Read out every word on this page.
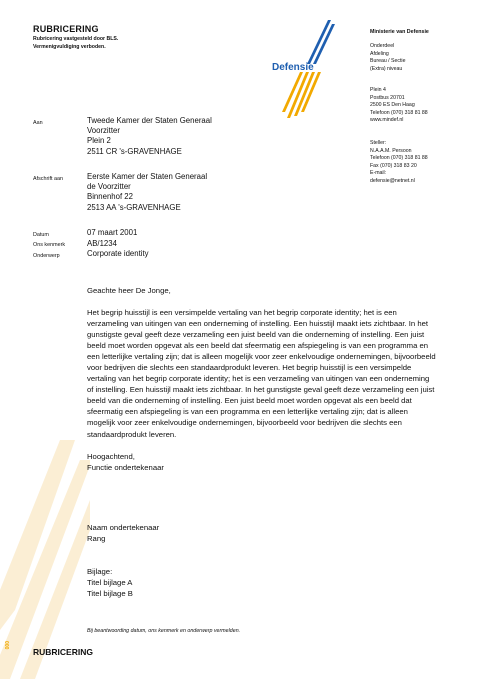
RUBRICERING
Rubricering vastgesteld door BLS.
Vermenigvuldiging verboden.
Defensie
Ministerie van Defensie
Onderdeel
Afdeling
Bureau / Sectie
(Extra) niveau
Plein 4
Postbus 20701
2500 ES Den Haag
Telefoon (070) 318 81 88
www.mindef.nl
Steller:
N.A.A.M. Persoon
Telefoon (070) 318 81 88
Fax (070) 318 83 20
E-mail:
defensie@netnet.nl
Aan	Tweede Kamer der Staten Generaal
Voorzitter
Plein 2
2511 CR 's-GRAVENHAGE
Afschrift aan	Eerste Kamer der Staten Generaal
de Voorzitter
Binnenhof 22
2513 AA 's-GRAVENHAGE
Datum	07 maart 2001
Ons kenmerk	AB/1234
Onderwerp	Corporate identity
Geachte heer De Jonge,
Het begrip huisstijl is een versimpelde vertaling van het begrip corporate identity; het is een
verzameling van uitingen van een onderneming of instelling. Een huisstijl maakt iets zichtbaar. In het
gunstigste geval geeft deze verzameling een juist beeld van die onderneming of instelling. Een juist
beeld moet worden opgevat als een beeld dat sfeermatig een afspiegeling is van een programma en
een letterlijke vertaling zijn; dat is alleen mogelijk voor zeer enkelvoudige ondernemingen, bijvoorbeeld
voor bedrijven die slechts een standaardprodukt leveren. Het begrip huisstijl is een versimpelde
vertaling van het begrip corporate identity; het is een verzameling van uitingen van een onderneming
of instelling. Een huisstijl maakt iets zichtbaar. In het gunstigste geval geeft deze verzameling een juist
beeld van die onderneming of instelling. Een juist beeld moet worden opgevat als een beeld dat
sfeermatig een afspiegeling is van een programma en een letterlijke vertaling zijn; dat is alleen
mogelijk voor zeer enkelvoudige ondernemingen, bijvoorbeeld voor bedrijven die slechts een
standaardprodukt leveren.
Hoogachtend,
Functie ondertekenaar
Naam ondertekenaar
Rang
Bijlage:
Titel bijlage A
Titel bijlage B
Bij beantwoording datum, ons kenmerk en onderwerp vermelden.
000
RUBRICERING
